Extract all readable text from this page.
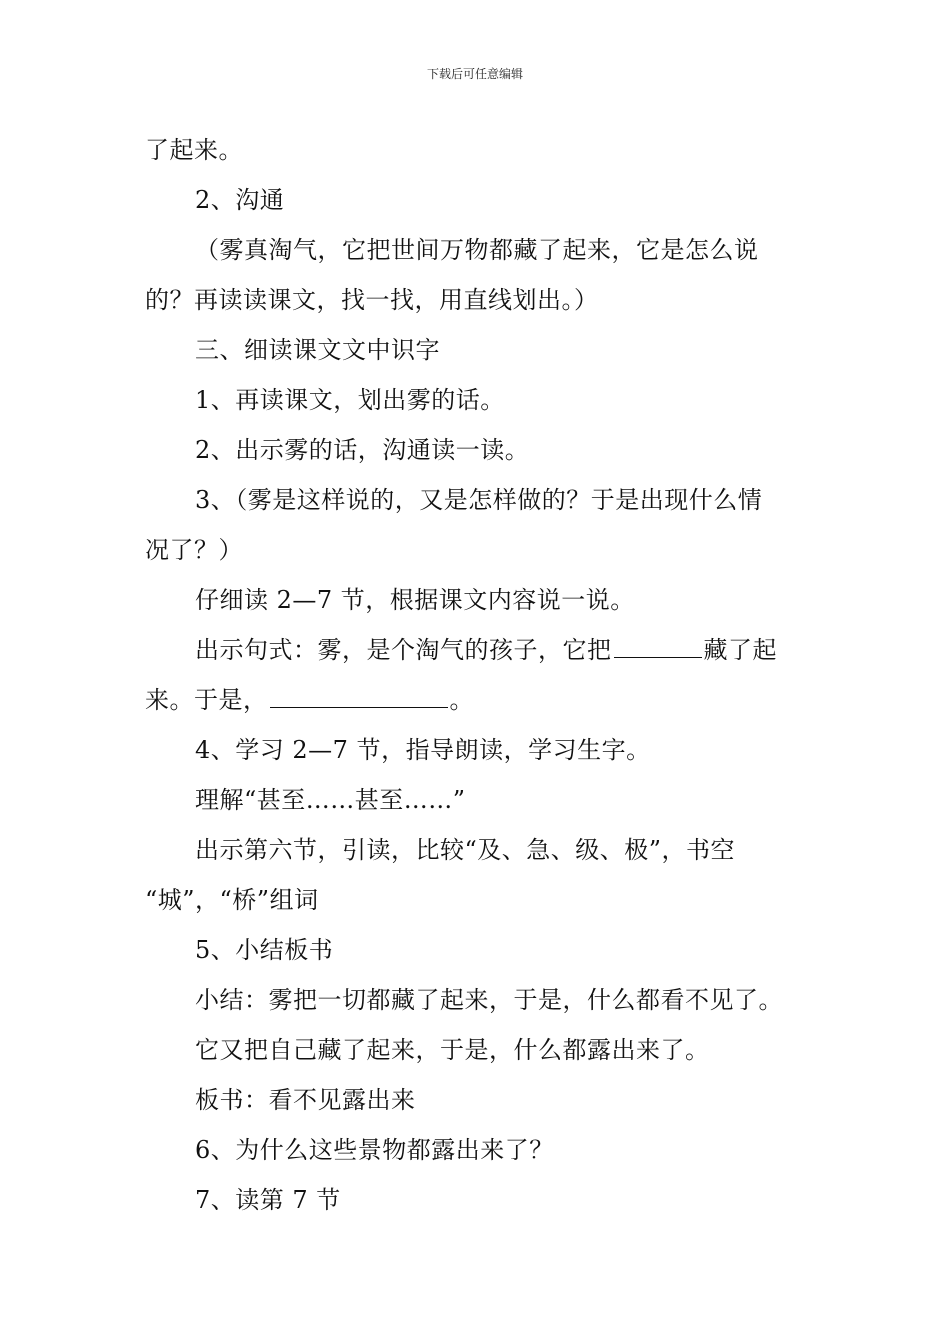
下载后可任意编辑
了起来。
2、沟通
（雾真淘气，它把世间万物都藏了起来，它是怎么说
的？再读读课文，找一找，用直线划出。）
三、细读课文文中识字
1、再读课文，划出雾的话。
2、出示雾的话，沟通读一读。
3、（雾是这样说的，又是怎样做的？于是出现什么情
况了？）
仔细读 2—7 节，根据课文内容说一说。
出示句式：雾，是个淘气的孩子，它把	藏了起
来。于是，	。
4、学习 2—7 节，指导朗读，学习生字。
理解“甚至……甚至……”
出示第六节，引读，比较“及、急、级、极”，书空
“城”，“桥”组词
5、小结板书
小结：雾把一切都藏了起来，于是，什么都看不见了。
它又把自己藏了起来，于是，什么都露出来了。
板书：看不见露出来
6、为什么这些景物都露出来了？
7、读第 7 节
